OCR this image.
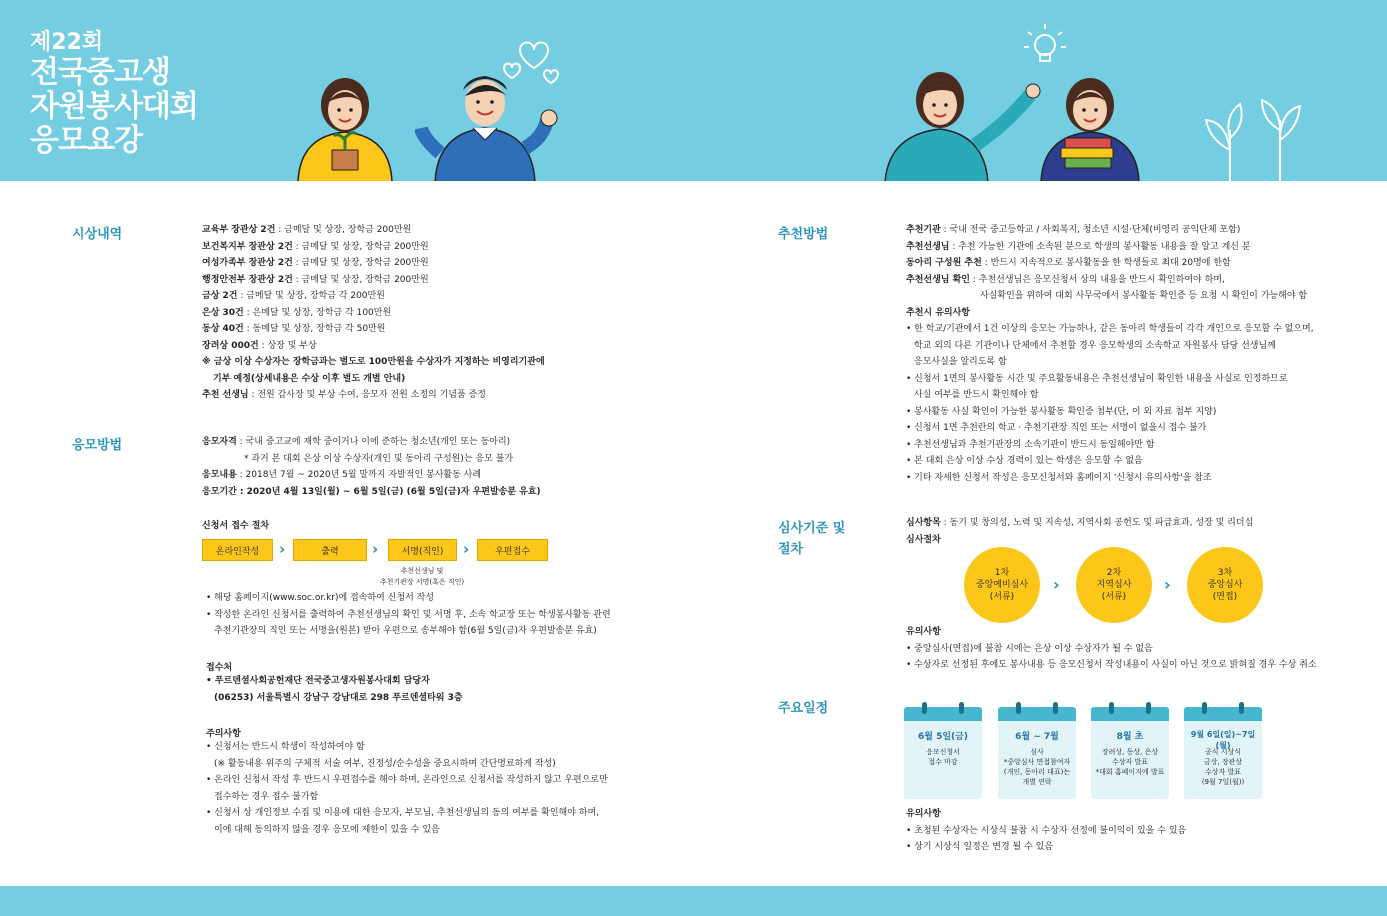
제22회
전국중고생
자원봉사대회
응모요강
시상내역	교육부 장관상 2건 : 금메달 및 상장, 장학금 200만원
보건복지부 장관상 2건 : 금메달 및 상장, 장학금 200만원
여성가족부 장관상 2건 : 금메달 및 상장, 장학금 200만원
행정안전부 장관상 2건 : 금메달 및 상장, 장학금 200만원
금상 2건 : 금메달 및 상장, 장학금 각 200만원
은상 30건 : 은메달 및 상장, 장학금 각 100만원
동상 40건 : 동메달 및 상장, 장학금 각 50만원
장려상 000건 : 상장 및 부상
※ 금상 이상 수상자는 장학금과는 별도로 100만원을 수상자가 지정하는 비영리기관에
기부 예정(상세내용은 수상 이후 별도 개별 안내)
추천 선생님 : 전원 감사장 및 부상 수여, 응모자 전원 소정의 기념품 증정
응모방법	응모자격 : 국내 중고교에 재학 중이거나 이에 준하는 청소년(개인 또는 동아리)
* 과거 본 대회 은상 이상 수상자(개인 및 동아리 구성원)는 응모 불가
응모내용 : 2018년 7월 ~ 2020년 5월 말까지 자발적인 봉사활동 사례
응모기간 : 2020년 4월 13일(월) ~ 6월 5일(금) (6월 5일(금)자 우편발송분 유효)
신청서 접수 절차
온라인작성	›	출력	›	서명(직인)	›	우편접수
추천선생님 및
추천기관장 서명(혹은 직인)
• 해당 홈페이지(www.soc.or.kr)에 접속하여 신청서 작성
• 작성한 온라인 신청서를 출력하여 추천선생님의 확인 및 서명 후, 소속 학교장 또는 학생봉사활동 관련
추천기관장의 직인 또는 서명을(원본) 받아 우편으로 송부해야 함(6월 5일(금)자 우편발송분 유효)
접수처
• 푸르덴셜사회공헌재단 전국중고생자원봉사대회 담당자
(06253) 서울특별시 강남구 강남대로 298 푸르덴셜타워 3층
주의사항
• 신청서는 반드시 학생이 작성하여야 함
(※ 활동내용 위주의 구체적 서술 여부, 진정성/순수성을 중요시하며 간단명료하게 작성)
• 온라인 신청서 작성 후 반드시 우편접수를 해야 하며, 온라인으로 신청서를 작성하지 않고 우편으로만
접수하는 경우 접수 불가함
• 신청서 상 개인정보 수집 및 이용에 대한 응모자, 부모님, 추천선생님의 동의 여부를 확인해야 하며,
이에 대해 동의하지 않을 경우 응모에 제한이 있을 수 있음
추천방법	추천기관 : 국내 전국 중고등학교 / 사회복지, 청소년 시설·단체(비영리 공익단체 포함)
추천선생님 : 추천 가능한 기관에 소속된 분으로 학생의 봉사활동 내용을 잘 알고 계신 분
동아리 구성원 추천 : 반드시 지속적으로 봉사활동을 한 학생들로 최대 20명에 한함
추천선생님 확인 : 추천선생님은 응모신청서 상의 내용을 반드시 확인하여야 하며,
사실확인을 위하여 대회 사무국에서 봉사활동 확인증 등 요청 시 확인이 가능해야 함
추천시 유의사항
• 한 학교/기관에서 1건 이상의 응모는 가능하나, 같은 동아리 학생들이 각각 개인으로 응모할 수 없으며,
학교 외의 다른 기관이나 단체에서 추천할 경우 응모학생의 소속학교 자원봉사 담당 선생님께
응모사실을 알리도록 함
• 신청서 1면의 봉사활동 시간 및 주요활동내용은 추천선생님이 확인한 내용을 사실로 인정하므로
사실 여부를 반드시 확인해야 함
• 봉사활동 사실 확인이 가능한 봉사활동 확인증 첨부(단, 이 외 자료 첨부 지양)
• 신청서 1면 추천란의 학교 · 추천기관장 직인 또는 서명이 없을시 접수 불가
• 추천선생님과 추천기관장의 소속기관이 반드시 동일해야만 함
• 본 대회 은상 이상 수상 경력이 있는 학생은 응모할 수 없음
• 기타 자세한 신청서 작성은 응모신청서와 홈페이지 '신청시 유의사항'을 참조
심사기준 및
절차
심사항목 : 동기 및 창의성, 노력 및 지속성, 지역사회 공헌도 및 파급효과, 성장 및 리더십
심사절차
1차
중앙예비심사
(서류)
›
2차
지역심사
(서류)
›
3차
중앙심사
(면접)
유의사항
• 중앙심사(면접)에 불참 시에는 은상 이상 수상자가 될 수 없음
• 수상자로 선정된 후에도 봉사내용 등 응모신청서 작성내용이 사실이 아닌 것으로 밝혀질 경우 수상 취소
주요일정
6월 5일(금)
응모신청서
접수 마감
6월 ~ 7월
심사
*중앙심사 면접참여자
(개인, 동아리 대표)는
개별 연락
8월 초
장려상, 동상, 은상
수상자 발표
*대회 홈페이지에 발표
9월 6일(일)~7일(월)
공식 시상식
금상, 장관상
수상자 발표
(9월 7일(월))
유의사항
• 초청된 수상자는 시상식 불참 시 수상자 선정에 불이익이 있을 수 있음
• 상기 시상식 일정은 변경 될 수 있음
